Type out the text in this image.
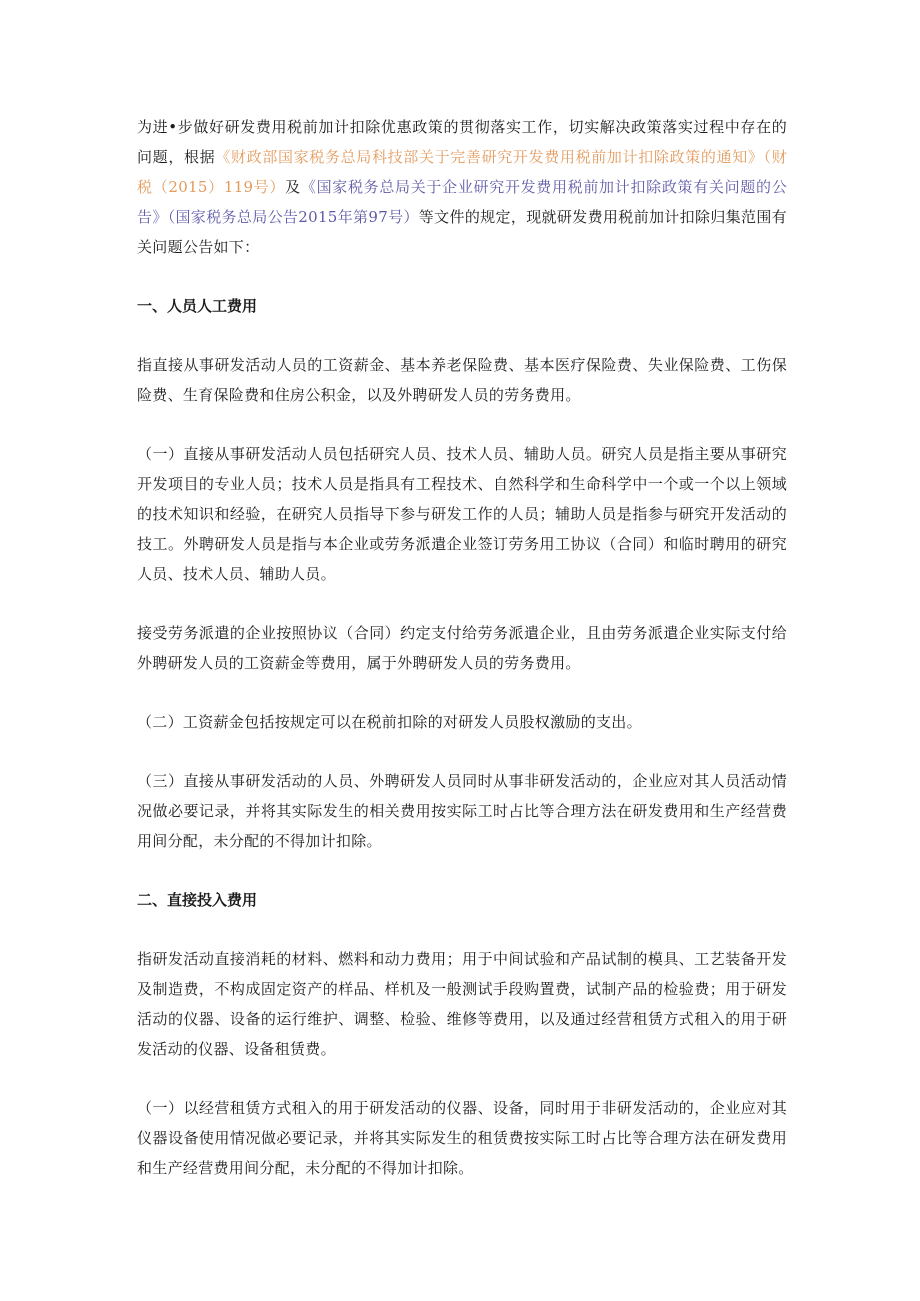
为进•步做好研发费用税前加计扣除优惠政策的贯彻落实工作，切实解决政策落实过程中存在的问题，根据《财政部国家税务总局科技部关于完善研究开发费用税前加计扣除政策的通知》（财税（2015）119号）及《国家税务总局关于企业研究开发费用税前加计扣除政策有关问题的公告》（国家税务总局公告2015年第97号）等文件的规定，现就研发费用税前加计扣除归集范围有关问题公告如下：

一、人员人工费用

指直接从事研发活动人员的工资薪金、基本养老保险费、基本医疗保险费、失业保险费、工伤保险费、生育保险费和住房公积金，以及外聘研发人员的劳务费用。

（一）直接从事研发活动人员包括研究人员、技术人员、辅助人员。研究人员是指主要从事研究开发项目的专业人员；技术人员是指具有工程技术、自然科学和生命科学中一个或一个以上领域的技术知识和经验，在研究人员指导下参与研发工作的人员；辅助人员是指参与研究开发活动的技工。外聘研发人员是指与本企业或劳务派遣企业签订劳务用工协议（合同）和临时聘用的研究人员、技术人员、辅助人员。

接受劳务派遣的企业按照协议（合同）约定支付给劳务派遣企业，且由劳务派遣企业实际支付给外聘研发人员的工资薪金等费用，属于外聘研发人员的劳务费用。

（二）工资薪金包括按规定可以在税前扣除的对研发人员股权激励的支出。

（三）直接从事研发活动的人员、外聘研发人员同时从事非研发活动的，企业应对其人员活动情况做必要记录，并将其实际发生的相关费用按实际工时占比等合理方法在研发费用和生产经营费用间分配，未分配的不得加计扣除。

二、直接投入费用

指研发活动直接消耗的材料、燃料和动力费用；用于中间试验和产品试制的模具、工艺装备开发及制造费，不构成固定资产的样品、样机及一般测试手段购置费，试制产品的检验费；用于研发活动的仪器、设备的运行维护、调整、检验、维修等费用，以及通过经营租赁方式租入的用于研发活动的仪器、设备租赁费。

（一）以经营租赁方式租入的用于研发活动的仪器、设备，同时用于非研发活动的，企业应对其仪器设备使用情况做必要记录，并将其实际发生的租赁费按实际工时占比等合理方法在研发费用和生产经营费用间分配，未分配的不得加计扣除。
